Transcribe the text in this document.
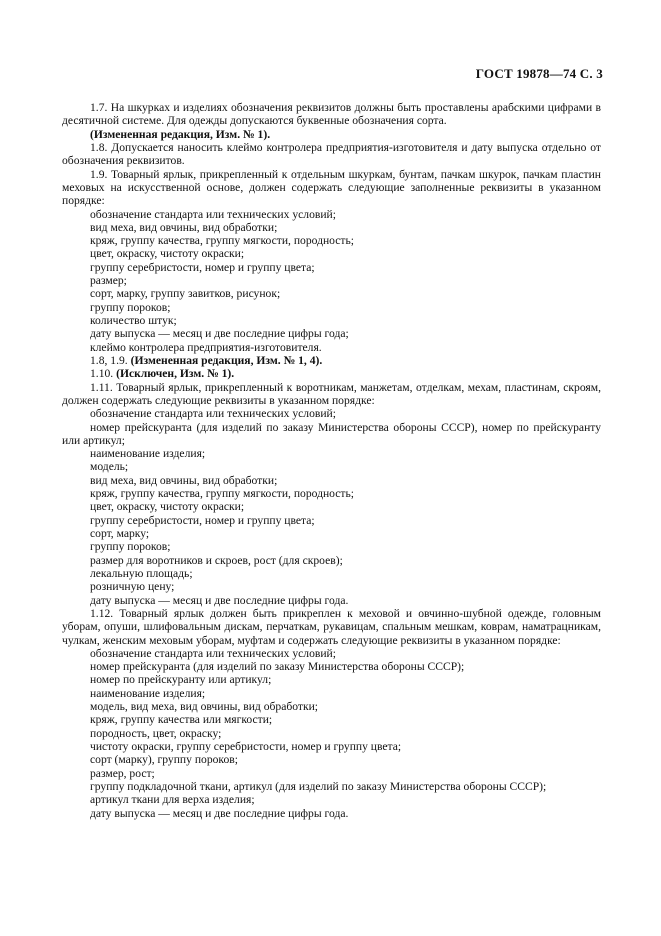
ГОСТ 19878—74 С. 3

1.7. На шкурках и изделиях обозначения реквизитов должны быть проставлены арабскими цифрами в десятичной системе. Для одежды допускаются буквенные обозначения сорта.

(Измененная редакция, Изм. № 1).

1.8. Допускается наносить клеймо контролера предприятия-изготовителя и дату выпуска отдельно от обозначения реквизитов.

1.9. Товарный ярлык, прикрепленный к отдельным шкуркам, бунтам, пачкам шкурок, пачкам пластин меховых на искусственной основе, должен содержать следующие заполненные реквизиты в указанном порядке:

обозначение стандарта или технических условий;

вид меха, вид овчины, вид обработки;

кряж, группу качества, группу мягкости, породность;

цвет, окраску, чистоту окраски;

группу серебристости, номер и группу цвета;

размер;

сорт, марку, группу завитков, рисунок;

группу пороков;

количество штук;

дату выпуска — месяц и две последние цифры года;

клеймо контролера предприятия-изготовителя.

1.8, 1.9. (Измененная редакция, Изм. № 1, 4).

1.10. (Исключен, Изм. № 1).

1.11. Товарный ярлык, прикрепленный к воротникам, манжетам, отделкам, мехам, пластинам, скроям, должен содержать следующие реквизиты в указанном порядке:

обозначение стандарта или технических условий;

номер прейскуранта (для изделий по заказу Министерства обороны СССР), номер по прейскуранту или артикул;

наименование изделия;

модель;

вид меха, вид овчины, вид обработки;

кряж, группу качества, группу мягкости, породность;

цвет, окраску, чистоту окраски;

группу серебристости, номер и группу цвета;

сорт, марку;

группу пороков;

размер для воротников и скроев, рост (для скроев);

лекальную площадь;

розничную цену;

дату выпуска — месяц и две последние цифры года.

1.12. Товарный ярлык должен быть прикреплен к меховой и овчинно-шубной одежде, головным уборам, опуши, шлифовальным дискам, перчаткам, рукавицам, спальным мешкам, коврам, наматрацникам, чулкам, женским меховым уборам, муфтам и содержать следующие реквизиты в указанном порядке:

обозначение стандарта или технических условий;

номер прейскуранта (для изделий по заказу Министерства обороны СССР);

номер по прейскуранту или артикул;

наименование изделия;

модель, вид меха, вид овчины, вид обработки;

кряж, группу качества или мягкости;

породность, цвет, окраску;

чистоту окраски, группу серебристости, номер и группу цвета;

сорт (марку), группу пороков;

размер, рост;

группу подкладочной ткани, артикул (для изделий по заказу Министерства обороны СССР);

артикул ткани для верха изделия;

дату выпуска — месяц и две последние цифры года.
